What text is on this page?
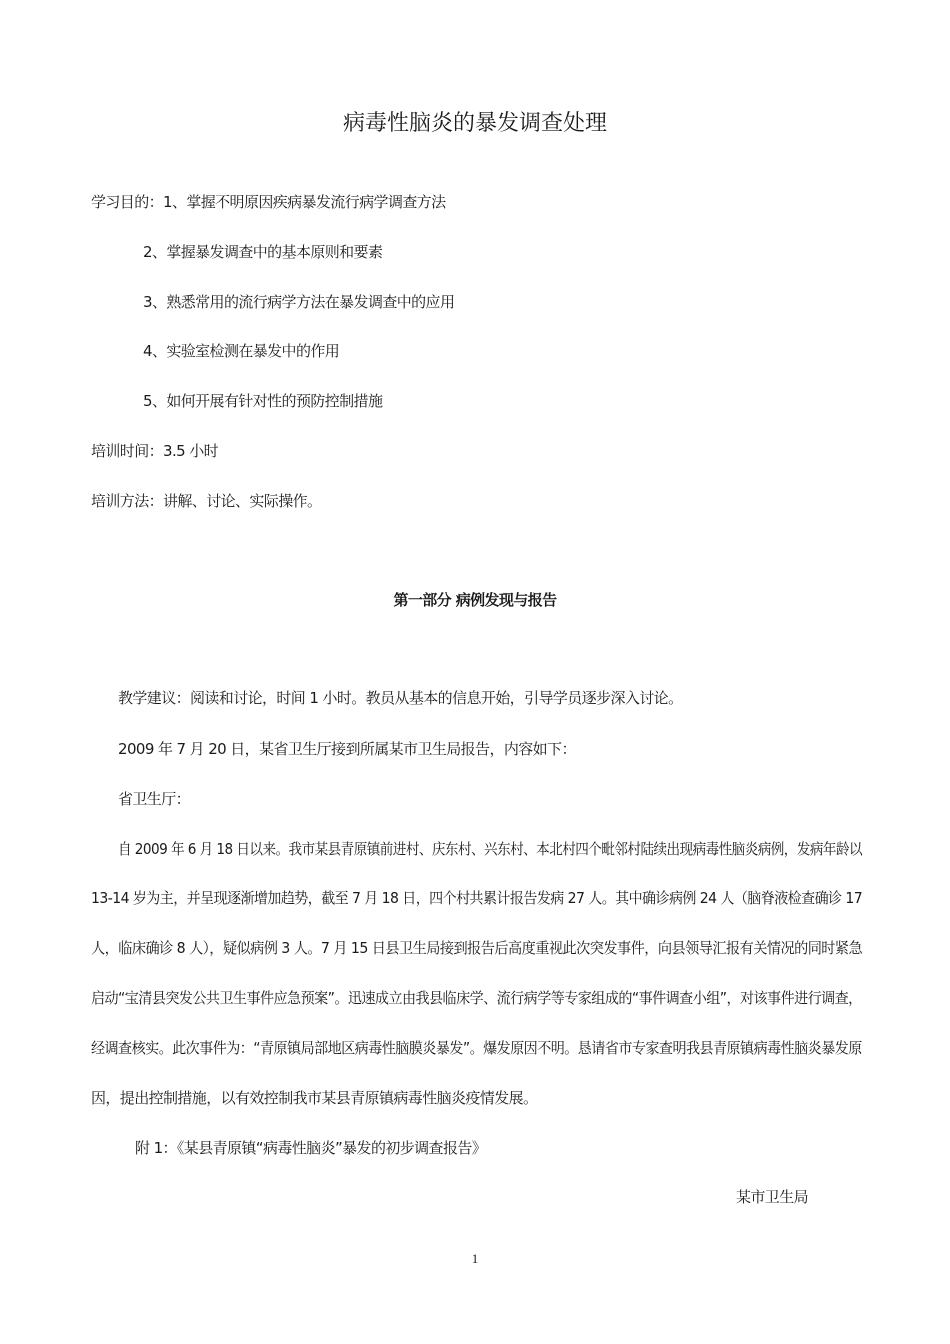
病毒性脑炎的暴发调查处理
学习目的：1、掌握不明原因疾病暴发流行病学调查方法
2、掌握暴发调查中的基本原则和要素
3、熟悉常用的流行病学方法在暴发调查中的应用
4、实验室检测在暴发中的作用
5、如何开展有针对性的预防控制措施
培训时间：3.5 小时
培训方法：讲解、讨论、实际操作。
第一部分 病例发现与报告
教学建议：阅读和讨论，时间 1 小时。教员从基本的信息开始，引导学员逐步深入讨论。
2009 年 7 月 20 日，某省卫生厅接到所属某市卫生局报告，内容如下：
省卫生厅：
自 2009 年 6 月 18 日以来。我市某县青原镇前进村、庆东村、兴东村、本北村四个毗邻村陆续出现病毒性脑炎病例，发病年龄以
13-14 岁为主，并呈现逐渐增加趋势，截至 7 月 18 日，四个村共累计报告发病 27 人。其中确诊病例 24 人（脑脊液检查确诊 17
人，临床确诊 8 人），疑似病例 3 人。7 月 15 日县卫生局接到报告后高度重视此次突发事件，向县领导汇报有关情况的同时紧急
启动“宝清县突发公共卫生事件应急预案”。迅速成立由我县临床学、流行病学等专家组成的“事件调查小组”，对该事件进行调查，
经调查核实。此次事件为：“青原镇局部地区病毒性脑膜炎暴发”。爆发原因不明。恳请省市专家查明我县青原镇病毒性脑炎暴发原
因，提出控制措施，以有效控制我市某县青原镇病毒性脑炎疫情发展。
附 1：《某县青原镇“病毒性脑炎”暴发的初步调查报告》
某市卫生局
1
